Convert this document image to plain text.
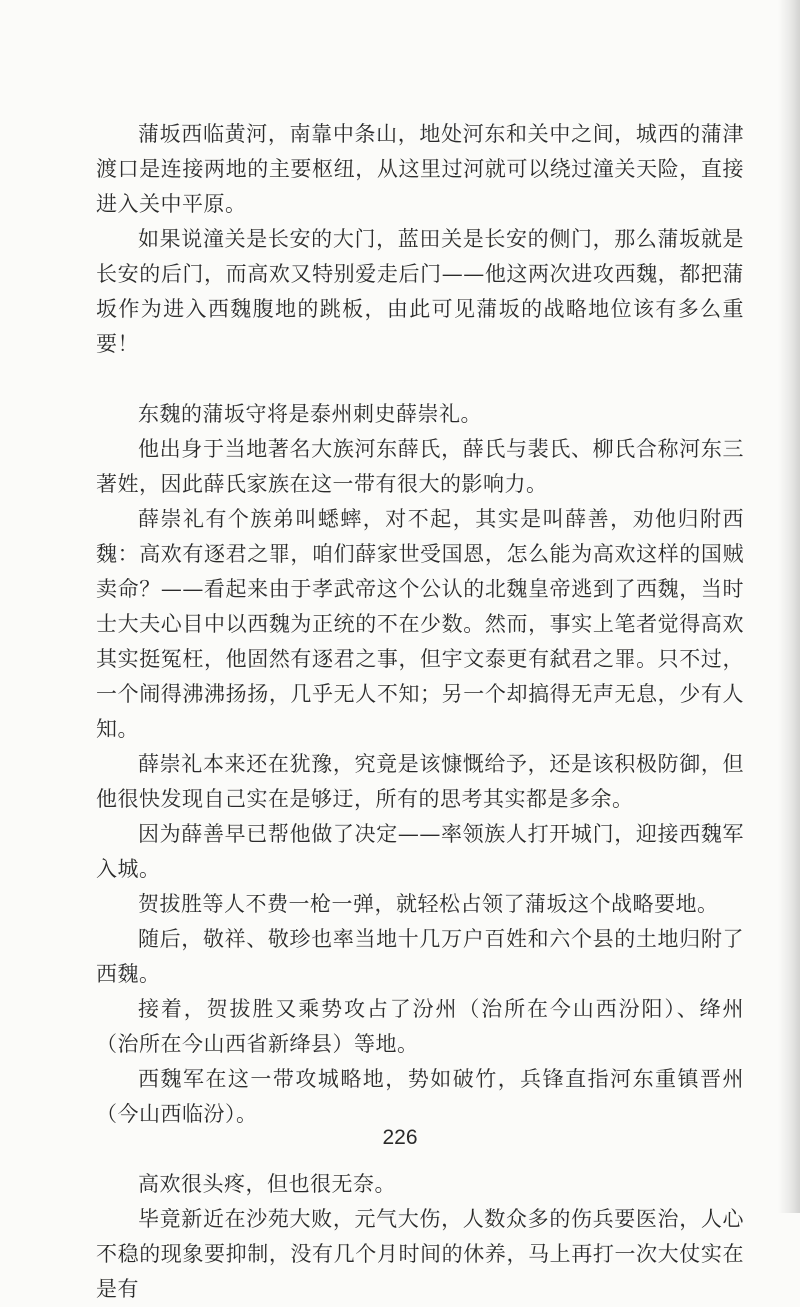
蒲坂西临黄河，南靠中条山，地处河东和关中之间，城西的蒲津渡口是连接两地的主要枢纽，从这里过河就可以绕过潼关天险，直接进入关中平原。

如果说潼关是长安的大门，蓝田关是长安的侧门，那么蒲坂就是长安的后门，而高欢又特别爱走后门——他这两次进攻西魏，都把蒲坂作为进入西魏腹地的跳板，由此可见蒲坂的战略地位该有多么重要！

东魏的蒲坂守将是泰州刺史薛崇礼。

他出身于当地著名大族河东薛氏，薛氏与裴氏、柳氏合称河东三著姓，因此薛氏家族在这一带有很大的影响力。

薛崇礼有个族弟叫蟋蟀，对不起，其实是叫薛善，劝他归附西魏：高欢有逐君之罪，咱们薛家世受国恩，怎么能为高欢这样的国贼卖命？——看起来由于孝武帝这个公认的北魏皇帝逃到了西魏，当时士大夫心目中以西魏为正统的不在少数。然而，事实上笔者觉得高欢其实挺冤枉，他固然有逐君之事，但宇文泰更有弑君之罪。只不过，一个闹得沸沸扬扬，几乎无人不知；另一个却搞得无声无息，少有人知。

薛崇礼本来还在犹豫，究竟是该慷慨给予，还是该积极防御，但他很快发现自己实在是够迂，所有的思考其实都是多余。

因为薛善早已帮他做了决定——率领族人打开城门，迎接西魏军入城。

贺拔胜等人不费一枪一弹，就轻松占领了蒲坂这个战略要地。

随后，敬祥、敬珍也率当地十几万户百姓和六个县的土地归附了西魏。

接着，贺拔胜又乘势攻占了汾州（治所在今山西汾阳）、绛州（治所在今山西省新绛县）等地。

西魏军在这一带攻城略地，势如破竹，兵锋直指河东重镇晋州（今山西临汾）。

高欢很头疼，但也很无奈。

毕竟新近在沙苑大败，元气大伤，人数众多的伤兵要医治，人心不稳的现象要抑制，没有几个月时间的休养，马上再打一次大仗实在是有

226
